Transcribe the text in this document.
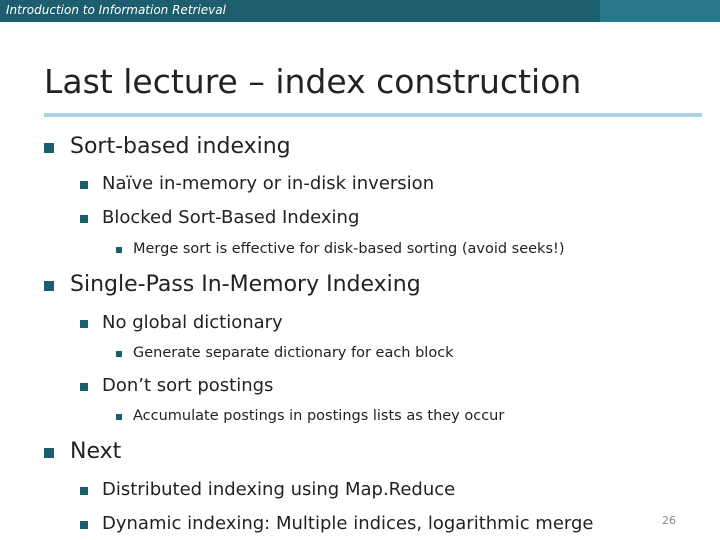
Introduction to Information Retrieval
Last lecture – index construction
Sort-based indexing
Naïve in-memory or in-disk inversion
Blocked Sort-Based Indexing
Merge sort is effective for disk-based sorting (avoid seeks!)
Single-Pass In-Memory Indexing
No global dictionary
Generate separate dictionary for each block
Don’t sort postings
Accumulate postings in postings lists as they occur
Next
Distributed indexing using Map.Reduce
Dynamic indexing: Multiple indices, logarithmic merge	26
